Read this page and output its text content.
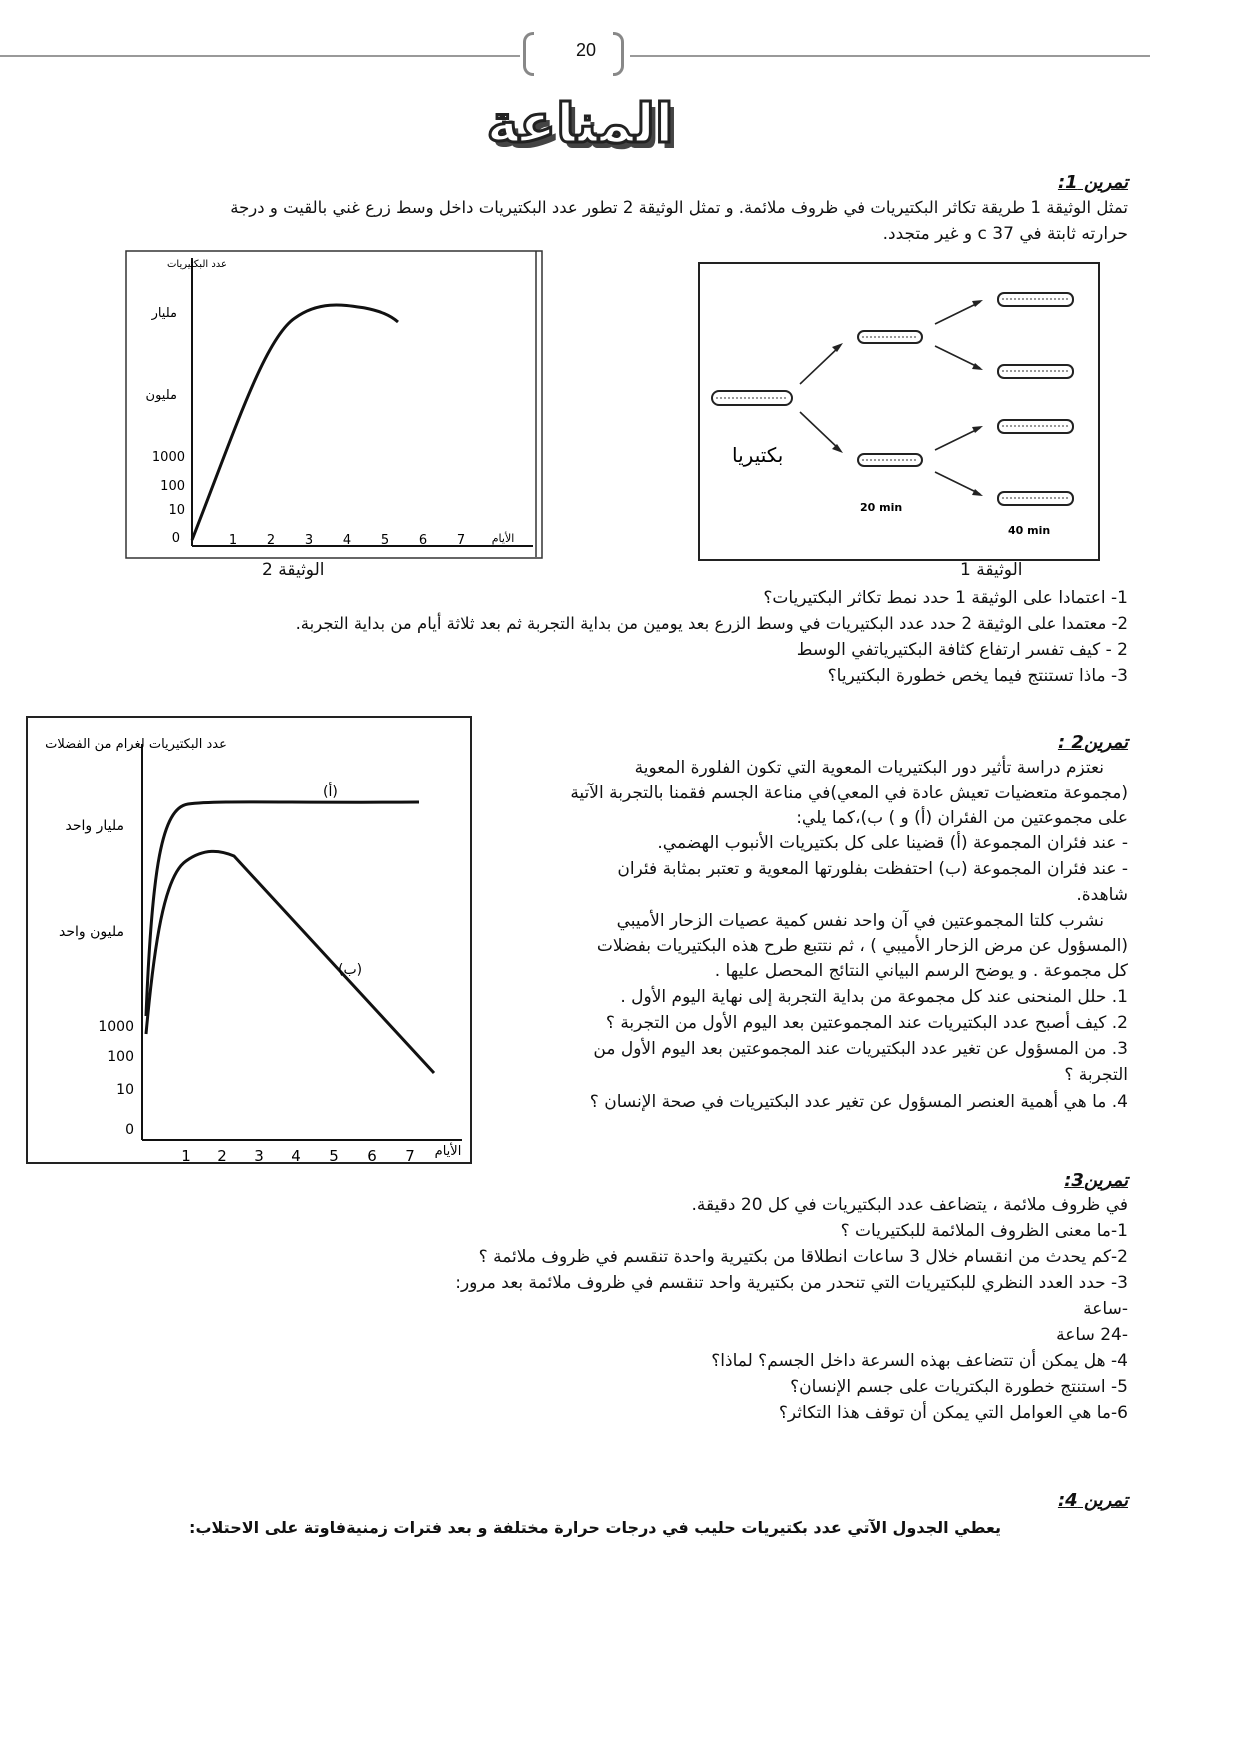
20
المناعة
تمرين 1:
تمثل الوثيقة 1 طريقة تكاثر البكتيريات في ظروف ملائمة. و تمثل الوثيقة 2 تطور عدد البكتيريات داخل وسط زرع غني بالقيت و درجة
حرارته ثابتة في c 37 و غير متجدد.
بكتيريا
20 min
40 min
الوثيقة 1
عدد البكتيريات
مليار
مليون
1000
100
10
0	1 2 3 4 5 6 7 الأيام
الوثيقة 2
1- اعتمادا على الوثيقة 1 حدد نمط تكاثر البكتيريات؟
2- معتمدا على الوثيقة 2 حدد عدد البكتيريات في وسط الزرع بعد يومين من بداية التجربة ثم بعد ثلاثة أيام من بداية التجربة.
2 - كيف تفسر ارتفاع كثافة البكتيرياتفي الوسط
3- ماذا تستنتج فيما يخص خطورة البكتيريا؟
عدد البكتيريات لغرام من الفضلات
مليار واحد
مليون واحد
1000
100
10
0
1 2 3 4 5 6 7 الأيام
(أ)
(ب)
تمرين2 :
نعتزم دراسة تأثير دور البكتيريات المعوية التي تكون الفلورة المعوية
(مجموعة متعضيات تعيش عادة في المعي)في مناعة الجسم فقمنا بالتجربة الآتية
على مجموعتين من الفئران (أ) و ) ب)،كما يلي:
- عند فئران المجموعة (أ) قضينا على كل بكتيريات الأنبوب الهضمي.
- عند فئران المجموعة (ب) احتفظت بفلورتها المعوية و تعتبر بمثابة فئران
شاهدة.
نشرب كلتا المجموعتين في آن واحد نفس كمية عصيات الزحار الأميبي
(المسؤول عن مرض الزحار الأميبي ) ، ثم نتتبع طرح هذه البكتيريات بفضلات
كل مجموعة . و يوضح الرسم البياني النتائج المحصل عليها .
1. حلل المنحنى عند كل مجموعة من بداية التجربة إلى نهاية اليوم الأول .
2. كيف أصبح عدد البكتيريات عند المجموعتين بعد اليوم الأول من التجربة ؟
3. من المسؤول عن تغير عدد البكتيريات عند المجموعتين بعد اليوم الأول من
التجربة ؟
4. ما هي أهمية العنصر المسؤول عن تغير عدد البكتيريات في صحة الإنسان ؟
تمرين3:
في ظروف ملائمة ، يتضاعف عدد البكتيريات في كل 20 دقيقة.
1-ما معنى الظروف الملائمة للبكتيريات ؟
2-كم يحدث من انقسام خلال 3 ساعات انطلاقا من بكتيرية واحدة تنقسم في ظروف ملائمة ؟
3- حدد العدد النظري للبكتيريات التي تنحدر من بكتيرية واحد تنقسم في ظروف ملائمة بعد مرور:
-ساعة
-24 ساعة
4- هل يمكن أن تتضاعف بهذه السرعة داخل الجسم؟ لماذا؟
5- استنتج خطورة البكتريات على جسم الإنسان؟
6-ما هي العوامل التي يمكن أن توقف هذا التكاثر؟
تمرين 4:
يعطي الجدول الآتي عدد بكتيريات حليب في درجات حرارة مختلفة و بعد فترات زمنيةفاوتة على الاحتلاب:
